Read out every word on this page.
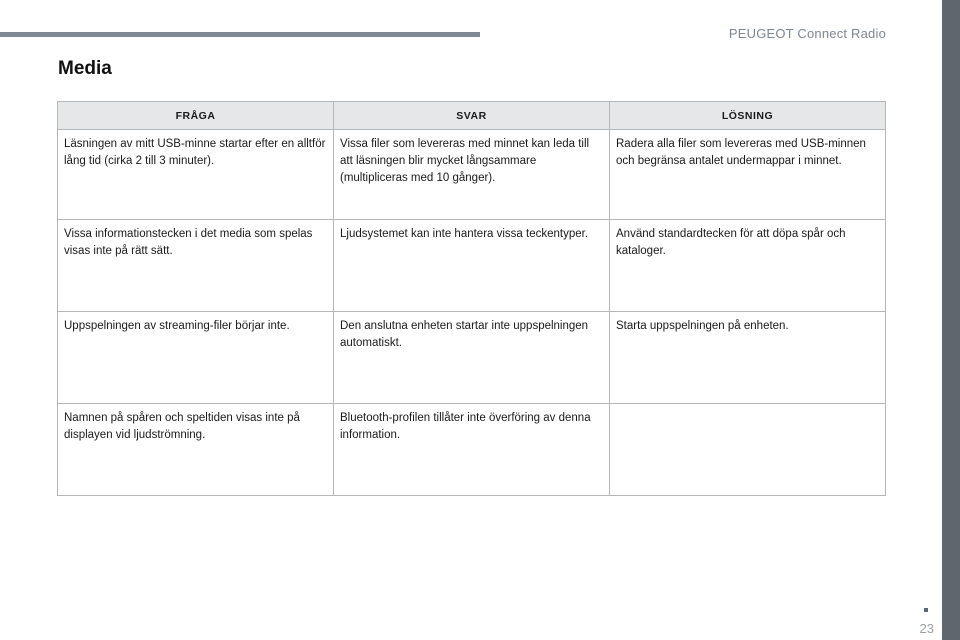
PEUGEOT Connect Radio
Media
FRÅGA	SVAR	LÖSNING
Läsningen av mitt USB-minne startar efter en alltför lång tid (cirka 2 till 3 minuter).	Vissa filer som levereras med minnet kan leda till att läsningen blir mycket långsammare (multipliceras med 10 gånger).	Radera alla filer som levereras med USB-minnen och begränsa antalet undermappar i minnet.
Vissa informationstecken i det media som spelas visas inte på rätt sätt.	Ljudsystemet kan inte hantera vissa teckentyper.	Använd standardtecken för att döpa spår och kataloger.
Uppspelningen av streaming-filer börjar inte.	Den anslutna enheten startar inte uppspelningen automatiskt.	Starta uppspelningen på enheten.
Namnen på spåren och speltiden visas inte på displayen vid ljudströmning.	Bluetooth-profilen tillåter inte överföring av denna information.	
23
